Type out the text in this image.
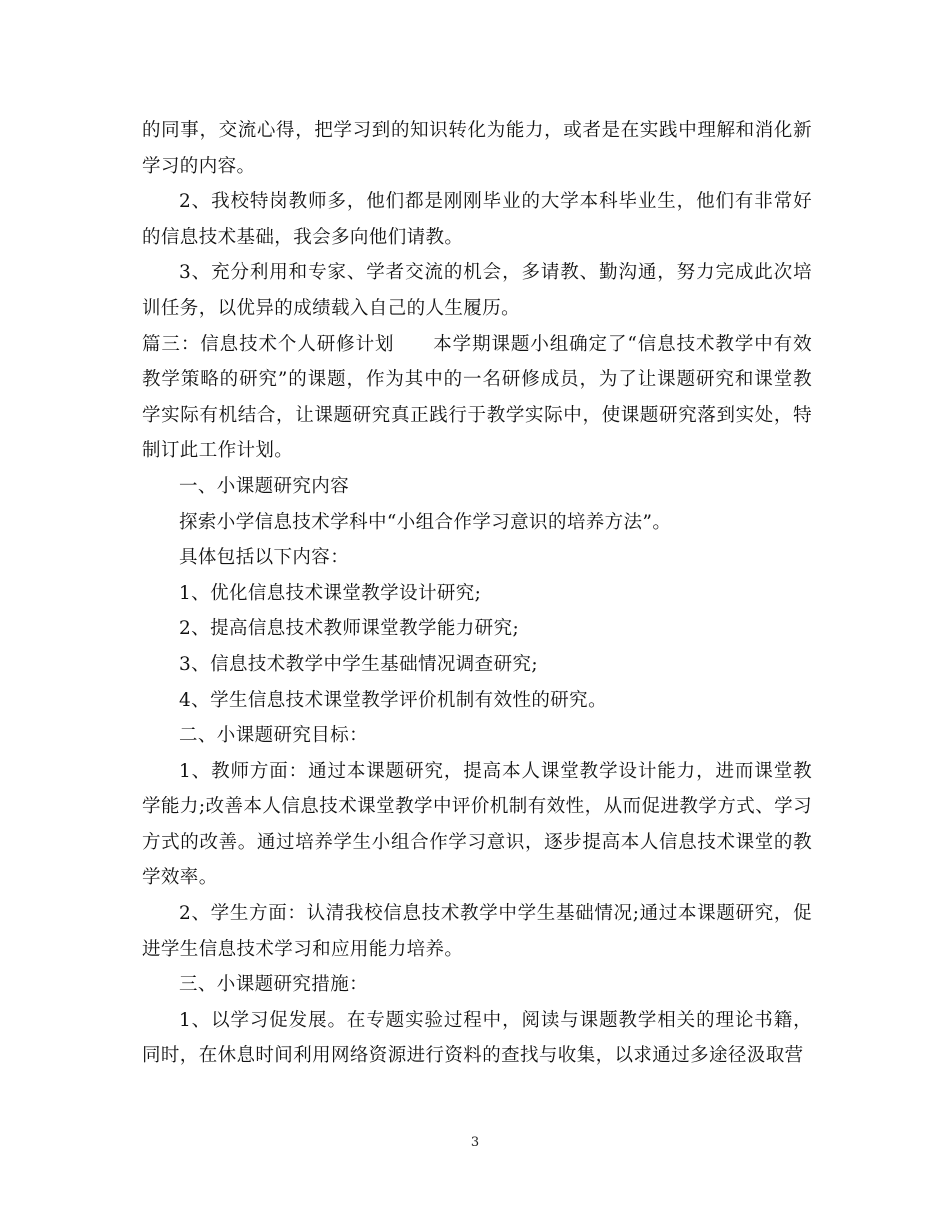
的同事，交流心得，把学习到的知识转化为能力，或者是在实践中理解和消化新学习的内容。

2、我校特岗教师多，他们都是刚刚毕业的大学本科毕业生，他们有非常好的信息技术基础，我会多向他们请教。

3、充分利用和专家、学者交流的机会，多请教、勤沟通，努力完成此次培训任务，以优异的成绩载入自己的人生履历。

篇三：信息技术个人研修计划　　本学期课题小组确定了“信息技术教学中有效教学策略的研究”的课题，作为其中的一名研修成员，为了让课题研究和课堂教学实际有机结合，让课题研究真正践行于教学实际中，使课题研究落到实处，特制订此工作计划。

一、小课题研究内容

探索小学信息技术学科中“小组合作学习意识的培养方法”。

具体包括以下内容：

1、优化信息技术课堂教学设计研究;

2、提高信息技术教师课堂教学能力研究;

3、信息技术教学中学生基础情况调查研究;

4、学生信息技术课堂教学评价机制有效性的研究。

二、小课题研究目标：

1、教师方面：通过本课题研究，提高本人课堂教学设计能力，进而课堂教学能力;改善本人信息技术课堂教学中评价机制有效性，从而促进教学方式、学习方式的改善。通过培养学生小组合作学习意识，逐步提高本人信息技术课堂的教学效率。

2、学生方面：认清我校信息技术教学中学生基础情况;通过本课题研究，促进学生信息技术学习和应用能力培养。

三、小课题研究措施：

1、以学习促发展。在专题实验过程中，阅读与课题教学相关的理论书籍，同时，在休息时间利用网络资源进行资料的查找与收集，以求通过多途径汲取营

3
